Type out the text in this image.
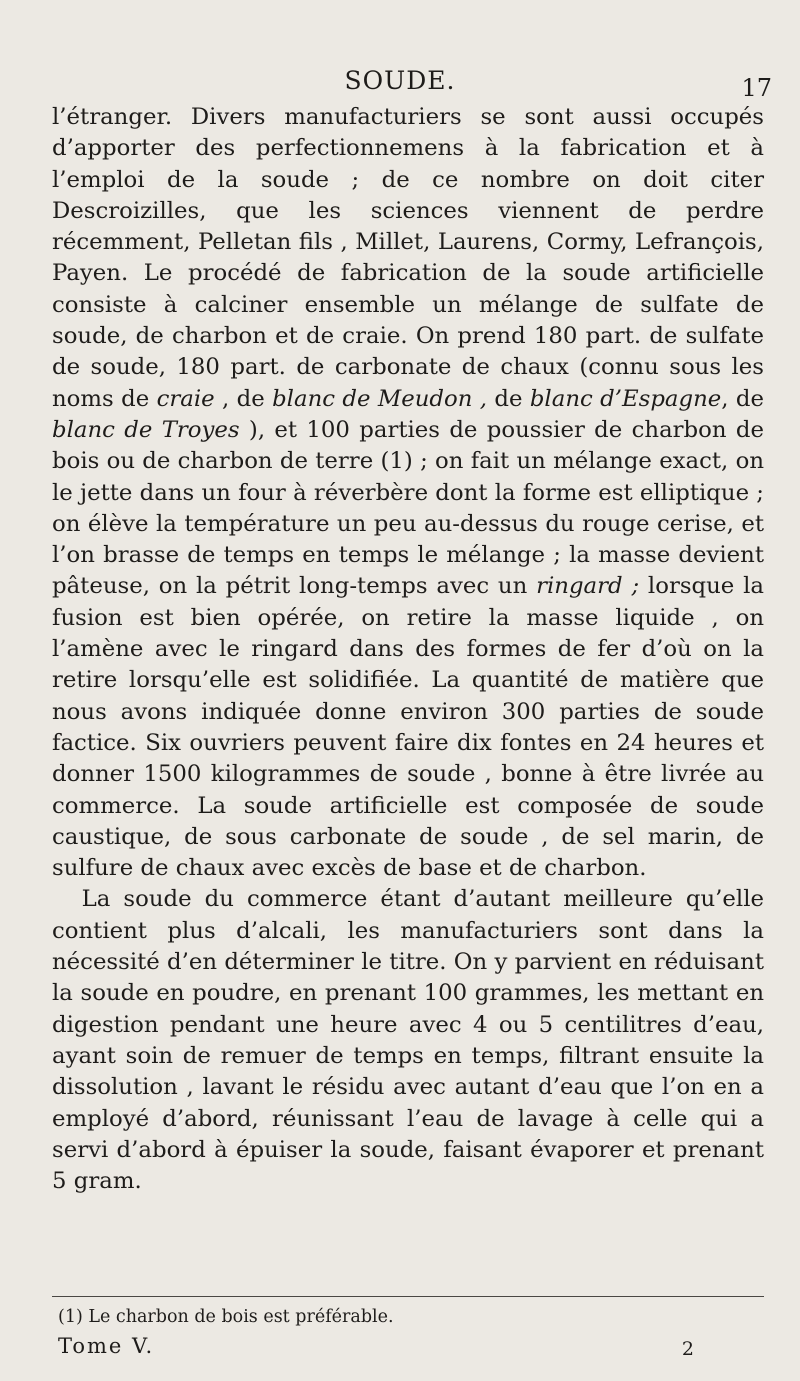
SOUDE.	17

l’étranger. Divers manufacturiers se sont aussi occupés d’apporter des perfectionnemens à la fabrication et à l’emploi de la soude ; de ce nombre on doit citer Descroizilles, que les sciences viennent de perdre récemment, Pelletan fils , Millet, Laurens, Cormy, Lefrançois, Payen. Le procédé de fabrication de la soude artificielle consiste à calciner ensemble un mélange de sulfate de soude, de charbon et de craie. On prend 180 part. de sulfate de soude, 180 part. de carbonate de chaux (connu sous les noms de craie , de blanc de Meudon , de blanc d’Espagne, de blanc de Troyes ), et 100 parties de poussier de charbon de bois ou de charbon de terre (1) ; on fait un mélange exact, on le jette dans un four à réverbère dont la forme est elliptique ; on élève la température un peu au-dessus du rouge cerise, et l’on brasse de temps en temps le mélange ; la masse devient pâteuse, on la pétrit long-temps avec un ringard ; lorsque la fusion est bien opérée, on retire la masse liquide , on l’amène avec le ringard dans des formes de fer d’où on la retire lorsqu’elle est solidifiée. La quantité de matière que nous avons indiquée donne environ 300 parties de soude factice. Six ouvriers peuvent faire dix fontes en 24 heures et donner 1500 kilogrammes de soude , bonne à être livrée au commerce. La soude artificielle est composée de soude caustique, de sous carbonate de soude , de sel marin, de sulfure de chaux avec excès de base et de charbon.

La soude du commerce étant d’autant meilleure qu’elle contient plus d’alcali, les manufacturiers sont dans la nécessité d’en déterminer le titre. On y parvient en réduisant la soude en poudre, en prenant 100 grammes, les mettant en digestion pendant une heure avec 4 ou 5 centilitres d’eau, ayant soin de remuer de temps en temps, filtrant ensuite la dissolution , lavant le résidu avec autant d’eau que l’on en a employé d’abord, réunissant l’eau de lavage à celle qui a servi d’abord à épuiser la soude, faisant évaporer et prenant 5 gram.

(1) Le charbon de bois est préférable.
Tome V.	2
